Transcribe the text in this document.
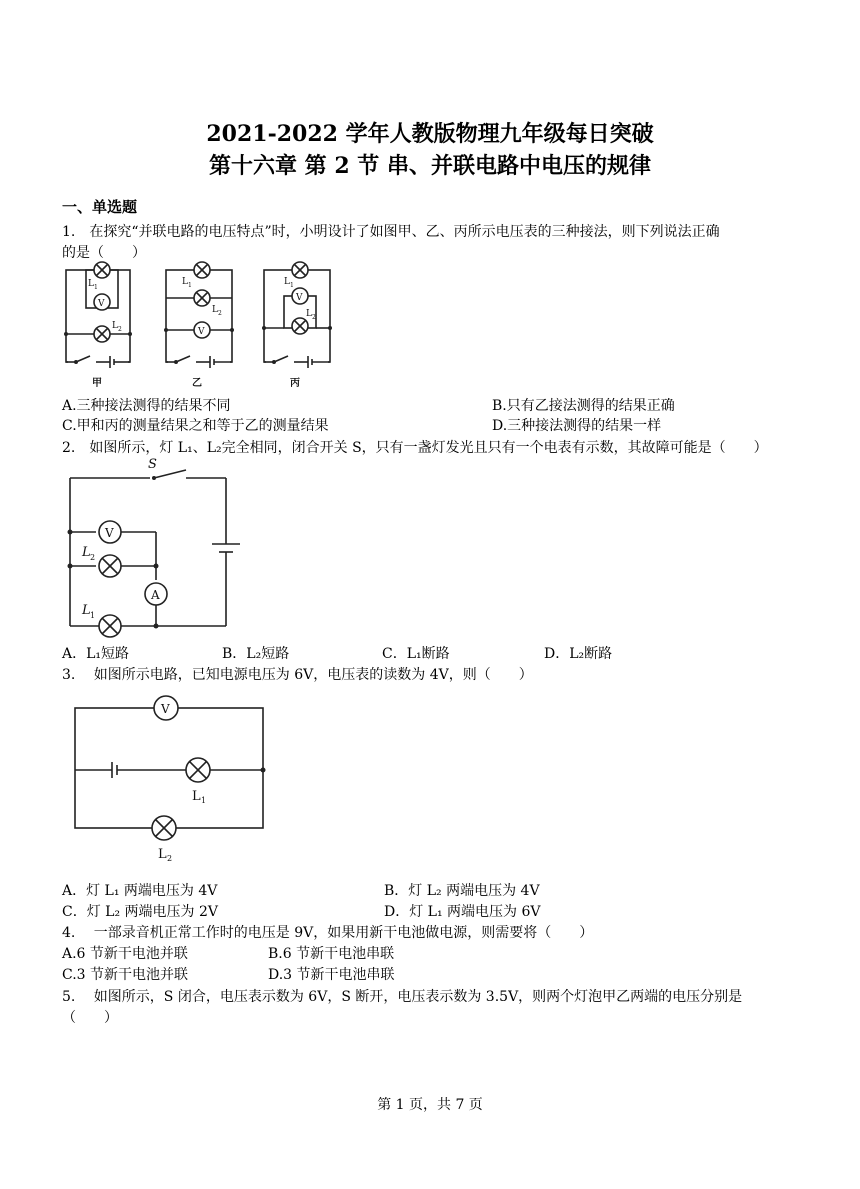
2021-2022 学年人教版物理九年级每日突破
第十六章 第 2 节 串、并联电路中电压的规律
一、单选题
1.　在探究“并联电路的电压特点”时，小明设计了如图甲、乙、丙所示电压表的三种接法，则下列说法正确
的是（　　）
V
L 1
L 2
甲
L 1
L 2
V
乙
L 1
V
L 2
丙
A.三种接法测得的结果不同	B.只有乙接法测得的结果正确
C.甲和丙的测量结果之和等于乙的测量结果	D.三种接法测得的结果一样
2.　如图所示，灯 L₁、L₂完全相同，闭合开关 S，只有一盏灯发光且只有一个电表有示数，其故障可能是（　　）
S
V
L 2
A
L 1
A．L₁短路	B．L₂短路	C．L₁断路	D．L₂断路
3.　 如图所示电路，已知电源电压为 6V，电压表的读数为 4V，则（　　）
V
L 1
L 2
A．灯 L₁ 两端电压为 4V	B．灯 L₂ 两端电压为 4V
C．灯 L₂ 两端电压为 2V	D．灯 L₁ 两端电压为 6V
4.　 一部录音机正常工作时的电压是 9V，如果用新干电池做电源，则需要将（　　）
A.6 节新干电池并联	B.6 节新干电池串联
C.3 节新干电池并联	D.3 节新干电池串联
5.　 如图所示，S 闭合，电压表示数为 6V，S 断开，电压表示数为 3.5V，则两个灯泡甲乙两端的电压分别是
（　　）
第 1 页，共 7 页
